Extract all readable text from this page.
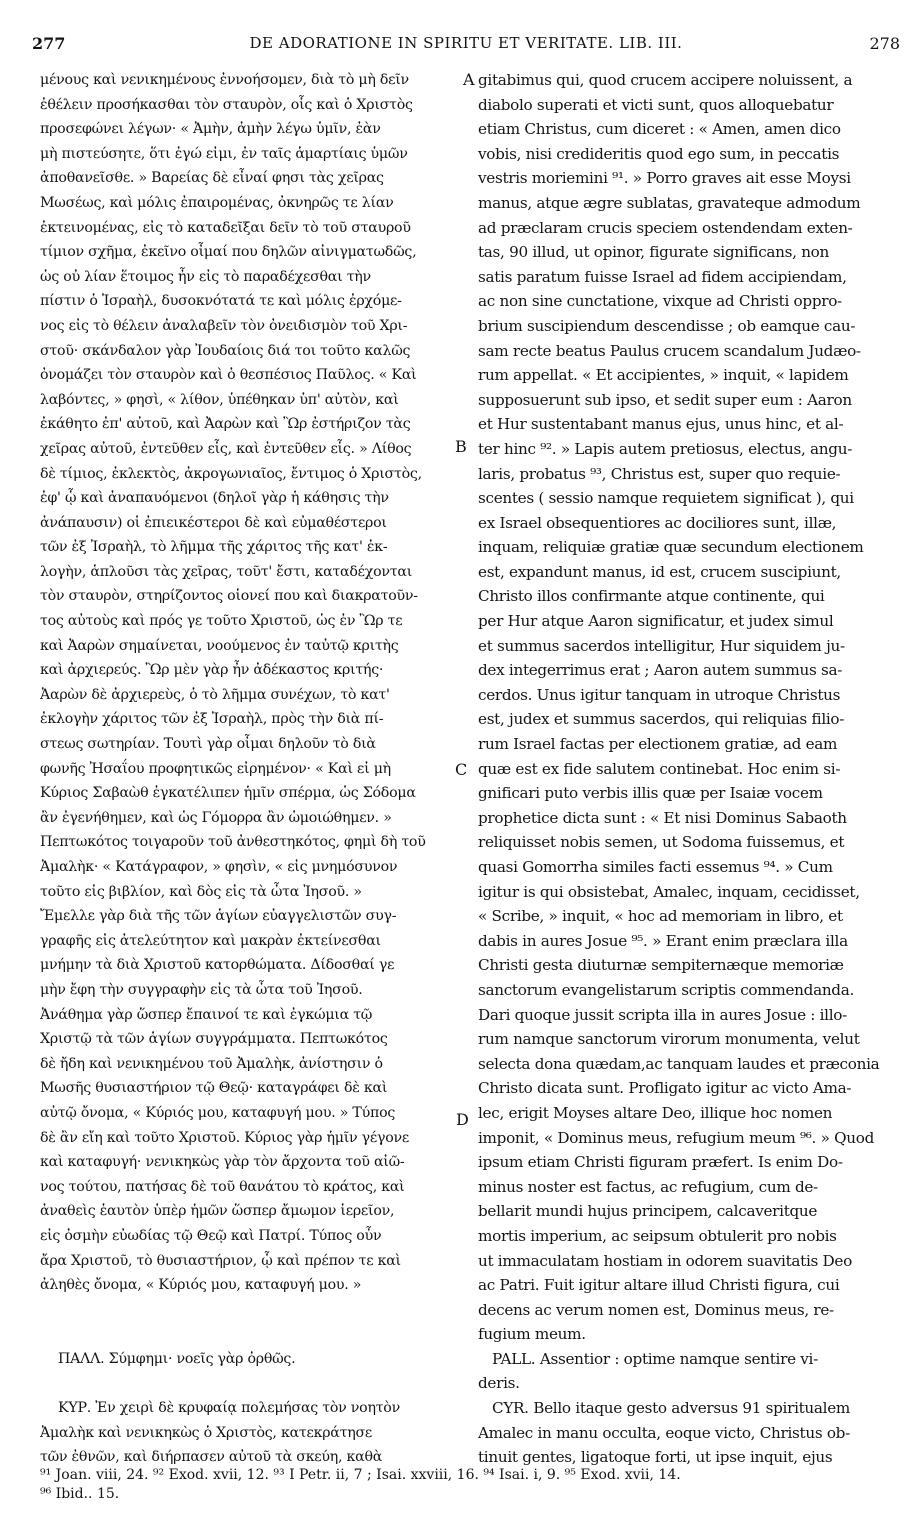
277	DE ADORATIONE IN SPIRITU ET VERITATE. LIB. III.	278
μένους καὶ νενικημένους ἐννοήσομεν, διὰ τὸ μὴ δεῖν
ἐθέλειν προσήκασθαι τὸν σταυρὸν, οἷς καὶ ὁ Χριστὸς
προσεφώνει λέγων· « Ἀμὴν, ἀμὴν λέγω ὑμῖν, ἐὰν
μὴ πιστεύσητε, ὅτι ἐγώ εἰμι, ἐν ταῖς ἁμαρτίαις ὑμῶν
ἀποθανεῖσθε. » Βαρείας δὲ εἶναί φησι τὰς χεῖρας
Μωσέως, καὶ μόλις ἐπαιρομένας, ὀκνηρῶς τε λίαν
ἐκτεινομένας, εἰς τὸ καταδεῖξαι δεῖν τὸ τοῦ σταυροῦ
τίμιον σχῆμα, ἐκεῖνο οἶμαί που δηλῶν αἰνιγματωδῶς,
ὡς οὐ λίαν ἕτοιμος ἦν εἰς τὸ παραδέχεσθαι τὴν
πίστιν ὁ Ἰσραὴλ, δυσοκνότατά τε καὶ μόλις ἐρχόμε-
νος εἰς τὸ θέλειν ἀναλαβεῖν τὸν ὀνειδισμὸν τοῦ Χρι-
στοῦ· σκάνδαλον γὰρ Ἰουδαίοις διά τοι τοῦτο καλῶς
ὀνομάζει τὸν σταυρὸν καὶ ὁ θεσπέσιος Παῦλος. « Καὶ
λαβόντες, » φησὶ, « λίθον, ὑπέθηκαν ὑπ' αὐτὸν, καὶ
ἐκάθητο ἐπ' αὐτοῦ, καὶ Ἀαρὼν καὶ Ὢρ ἐστήριζον τὰς
χεῖρας αὐτοῦ, ἐντεῦθεν εἷς, καὶ ἐντεῦθεν εἷς. » Λίθος
δὲ τίμιος, ἐκλεκτὸς, ἀκρογωνιαῖος, ἔντιμος ὁ Χριστὸς,
ἐφ' ᾧ καὶ ἀναπαυόμενοι (δηλοῖ γὰρ ἡ κάθησις τὴν
ἀνάπαυσιν) οἱ ἐπιεικέστεροι δὲ καὶ εὐμαθέστεροι
τῶν ἐξ Ἰσραὴλ, τὸ λῆμμα τῆς χάριτος τῆς κατ' ἐκ-
λογὴν, ἁπλοῦσι τὰς χεῖρας, τοῦτ' ἔστι, καταδέχονται
τὸν σταυρὸν, στηρίζοντος οἱονεί που καὶ διακρατοῦν-
τος αὐτοὺς καὶ πρός γε τοῦτο Χριστοῦ, ὡς ἐν Ὢρ τε
καὶ Ἀαρὼν σημαίνεται, νοούμενος ἐν ταὐτῷ κριτὴς
καὶ ἀρχιερεύς. Ὢρ μὲν γὰρ ἦν ἀδέκαστος κριτής·
Ἀαρὼν δὲ ἀρχιερεὺς, ὁ τὸ λῆμμα συνέχων, τὸ κατ'
ἐκλογὴν χάριτος τῶν ἐξ Ἰσραὴλ, πρὸς τὴν διὰ πί-
στεως σωτηρίαν. Τουτὶ γὰρ οἶμαι δηλοῦν τὸ διὰ
φωνῆς Ἠσαΐου προφητικῶς εἰρημένον· « Καὶ εἰ μὴ
Κύριος Σαβαὼθ ἐγκατέλιπεν ἡμῖν σπέρμα, ὡς Σόδομα
ἂν ἐγενήθημεν, καὶ ὡς Γόμορρα ἂν ὡμοιώθημεν. »
Πεπτωκότος τοιγαροῦν τοῦ ἀνθεστηκότος, φημὶ δὴ τοῦ
Ἀμαλὴκ· « Κατάγραφον, » φησὶν, « εἰς μνημόσυνον
τοῦτο εἰς βιβλίον, καὶ δὸς εἰς τὰ ὦτα Ἰησοῦ. »
Ἔμελλε γὰρ διὰ τῆς τῶν ἁγίων εὐαγγελιστῶν συγ-
γραφῆς εἰς ἀτελεύτητον καὶ μακρὰν ἐκτείνεσθαι
μνήμην τὰ διὰ Χριστοῦ κατορθώματα. Δίδοσθαί γε
μὴν ἔφη τὴν συγγραφὴν εἰς τὰ ὦτα τοῦ Ἰησοῦ.
Ἀνάθημα γὰρ ὥσπερ ἔπαινοί τε καὶ ἐγκώμια τῷ
Χριστῷ τὰ τῶν ἁγίων συγγράμματα. Πεπτωκότος
δὲ ἤδη καὶ νενικημένου τοῦ Ἀμαλὴκ, ἀνίστησιν ὁ
Μωσῆς θυσιαστήριον τῷ Θεῷ· καταγράφει δὲ καὶ
αὐτῷ ὄνομα, « Κύριός μου, καταφυγή μου. » Τύπος
δὲ ἂν εἴη καὶ τοῦτο Χριστοῦ. Κύριος γὰρ ἡμῖν γέγονε
καὶ καταφυγή· νενικηκὼς γὰρ τὸν ἄρχοντα τοῦ αἰῶ-
νος τούτου, πατήσας δὲ τοῦ θανάτου τὸ κράτος, καὶ
ἀναθεὶς ἑαυτὸν ὑπὲρ ἡμῶν ὥσπερ ἄμωμον ἱερεῖον,
εἰς ὀσμὴν εὐωδίας τῷ Θεῷ καὶ Πατρί. Τύπος οὖν
ἄρα Χριστοῦ, τὸ θυσιαστήριον, ᾧ καὶ πρέπον τε καὶ
ἀληθὲς ὄνομα, « Κύριός μου, καταφυγή μου. »
ΠΑΛΛ. Σύμφημι· νοεῖς γὰρ ὀρθῶς.
ΚΥΡ. Ἐν χειρὶ δὲ κρυφαίᾳ πολεμήσας τὸν νοητὸν
Ἀμαλὴκ καὶ νενικηκὼς ὁ Χριστὸς, κατεκράτησε
τῶν ἐθνῶν, καὶ διήρπασεν αὐτοῦ τὰ σκεύη, καθὰ
gitabimus qui, quod crucem accipere noluissent, a
diabolo superati et victi sunt, quos alloquebatur
etiam Christus, cum diceret : « Amen, amen dico
vobis, nisi credideritis quod ego sum, in peccatis
vestris moriemini ⁹¹. » Porro graves ait esse Moysi
manus, atque ægre sublatas, gravateque admodum
ad præclaram crucis speciem ostendendam exten-
tas, 90 illud, ut opinor, figurate significans, non
satis paratum fuisse Israel ad fidem accipiendam,
ac non sine cunctatione, vixque ad Christi oppro-
brium suscipiendum descendisse ; ob eamque cau-
sam recte beatus Paulus crucem scandalum Judæo-
rum appellat. « Et accipientes, » inquit, « lapidem
supposuerunt sub ipso, et sedit super eum : Aaron
et Hur sustentabant manus ejus, unus hinc, et al-
ter hinc ⁹². » Lapis autem pretiosus, electus, angu-
laris, probatus ⁹³, Christus est, super quo requie-
scentes ( sessio namque requietem significat ), qui
ex Israel obsequentiores ac dociliores sunt, illæ,
inquam, reliquiæ gratiæ quæ secundum electionem
est, expandunt manus, id est, crucem suscipiunt,
Christo illos confirmante atque continente, qui
per Hur atque Aaron significatur, et judex simul
et summus sacerdos intelligitur, Hur siquidem ju-
dex integerrimus erat ; Aaron autem summus sa-
cerdos. Unus igitur tanquam in utroque Christus
est, judex et summus sacerdos, qui reliquias filio-
rum Israel factas per electionem gratiæ, ad eam
quæ est ex fide salutem continebat. Hoc enim si-
gnificari puto verbis illis quæ per Isaiæ vocem
prophetice dicta sunt : « Et nisi Dominus Sabaoth
reliquisset nobis semen, ut Sodoma fuissemus, et
quasi Gomorrha similes facti essemus ⁹⁴. » Cum
igitur is qui obsistebat, Amalec, inquam, cecidisset,
« Scribe, » inquit, « hoc ad memoriam in libro, et
dabis in aures Josue ⁹⁵. » Erant enim præclara illa
Christi gesta diuturnæ sempiternæque memoriæ
sanctorum evangelistarum scriptis commendanda.
Dari quoque jussit scripta illa in aures Josue : illo-
rum namque sanctorum virorum monumenta, velut
selecta dona quædam,ac tanquam laudes et præconia
Christo dicata sunt. Profligato igitur ac victo Ama-
lec, erigit Moyses altare Deo, illique hoc nomen
imponit, « Dominus meus, refugium meum ⁹⁶. » Quod
ipsum etiam Christi figuram præfert. Is enim Do-
minus noster est factus, ac refugium, cum de-
bellarit mundi hujus principem, calcaveritque
mortis imperium, ac seipsum obtulerit pro nobis
ut immaculatam hostiam in odorem suavitatis Deo
ac Patri. Fuit igitur altare illud Christi figura, cui
decens ac verum nomen est, Dominus meus, re-
fugium meum.
PALL. Assentior : optime namque sentire vi-
deris.
CYR. Bello itaque gesto adversus 91 spiritualem
Amalec in manu occulta, eoque victo, Christus ob-
tinuit gentes, ligatoque forti, ut ipse inquit, ejus
A
B
C
D
⁹¹ Joan. viii, 24. ⁹² Exod. xvii, 12. ⁹³ I Petr. ii, 7 ; Isai. xxviii, 16. ⁹⁴ Isai. i, 9. ⁹⁵ Exod. xvii, 14.
⁹⁶ Ibid.. 15.
